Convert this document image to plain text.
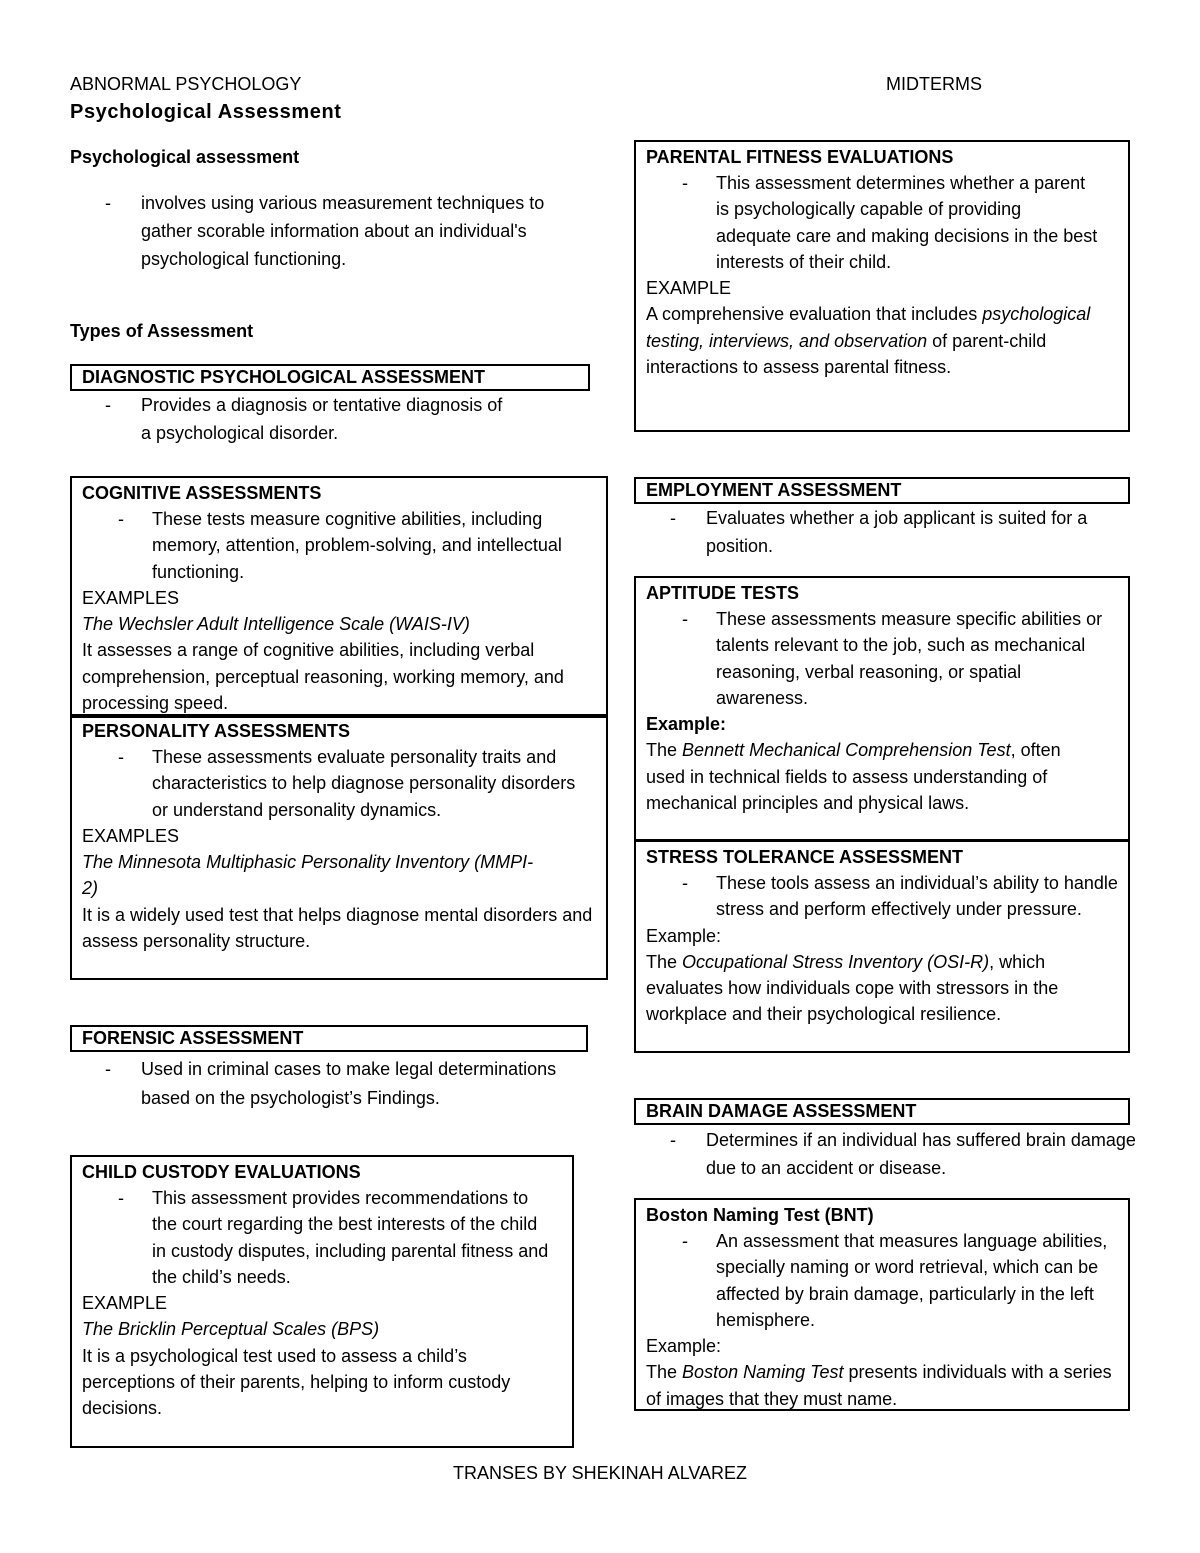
ABNORMAL PSYCHOLOGY	MIDTERMS
Psychological Assessment
Psychological assessment
- involves using various measurement techniques to gather scorable information about an individual's psychological functioning.
Types of Assessment
DIAGNOSTIC PSYCHOLOGICAL ASSESSMENT
- Provides a diagnosis or tentative diagnosis of a psychological disorder.
COGNITIVE ASSESSMENTS
- These tests measure cognitive abilities, including memory, attention, problem-solving, and intellectual functioning.
EXAMPLES
The Wechsler Adult Intelligence Scale (WAIS-IV)
It assesses a range of cognitive abilities, including verbal comprehension, perceptual reasoning, working memory, and processing speed.
PERSONALITY ASSESSMENTS
- These assessments evaluate personality traits and characteristics to help diagnose personality disorders or understand personality dynamics.
EXAMPLES
The Minnesota Multiphasic Personality Inventory (MMPI-2)
It is a widely used test that helps diagnose mental disorders and assess personality structure.
FORENSIC ASSESSMENT
- Used in criminal cases to make legal determinations based on the psychologist’s Findings.
CHILD CUSTODY EVALUATIONS
- This assessment provides recommendations to the court regarding the best interests of the child in custody disputes, including parental fitness and the child’s needs.
EXAMPLE
The Bricklin Perceptual Scales (BPS)
It is a psychological test used to assess a child’s perceptions of their parents, helping to inform custody decisions.
PARENTAL FITNESS EVALUATIONS
- This assessment determines whether a parent is psychologically capable of providing adequate care and making decisions in the best interests of their child.
EXAMPLE
A comprehensive evaluation that includes psychological testing, interviews, and observation of parent-child interactions to assess parental fitness.
EMPLOYMENT ASSESSMENT
- Evaluates whether a job applicant is suited for a position.
APTITUDE TESTS
- These assessments measure specific abilities or talents relevant to the job, such as mechanical reasoning, verbal reasoning, or spatial awareness.
Example:
The Bennett Mechanical Comprehension Test, often used in technical fields to assess understanding of mechanical principles and physical laws.
STRESS TOLERANCE ASSESSMENT
- These tools assess an individual’s ability to handle stress and perform effectively under pressure.
Example:
The Occupational Stress Inventory (OSI-R), which evaluates how individuals cope with stressors in the workplace and their psychological resilience.
BRAIN DAMAGE ASSESSMENT
- Determines if an individual has suffered brain damage due to an accident or disease.
Boston Naming Test (BNT)
- An assessment that measures language abilities, specially naming or word retrieval, which can be affected by brain damage, particularly in the left hemisphere.
Example:
The Boston Naming Test presents individuals with a series of images that they must name.
TRANSES BY SHEKINAH ALVAREZ
